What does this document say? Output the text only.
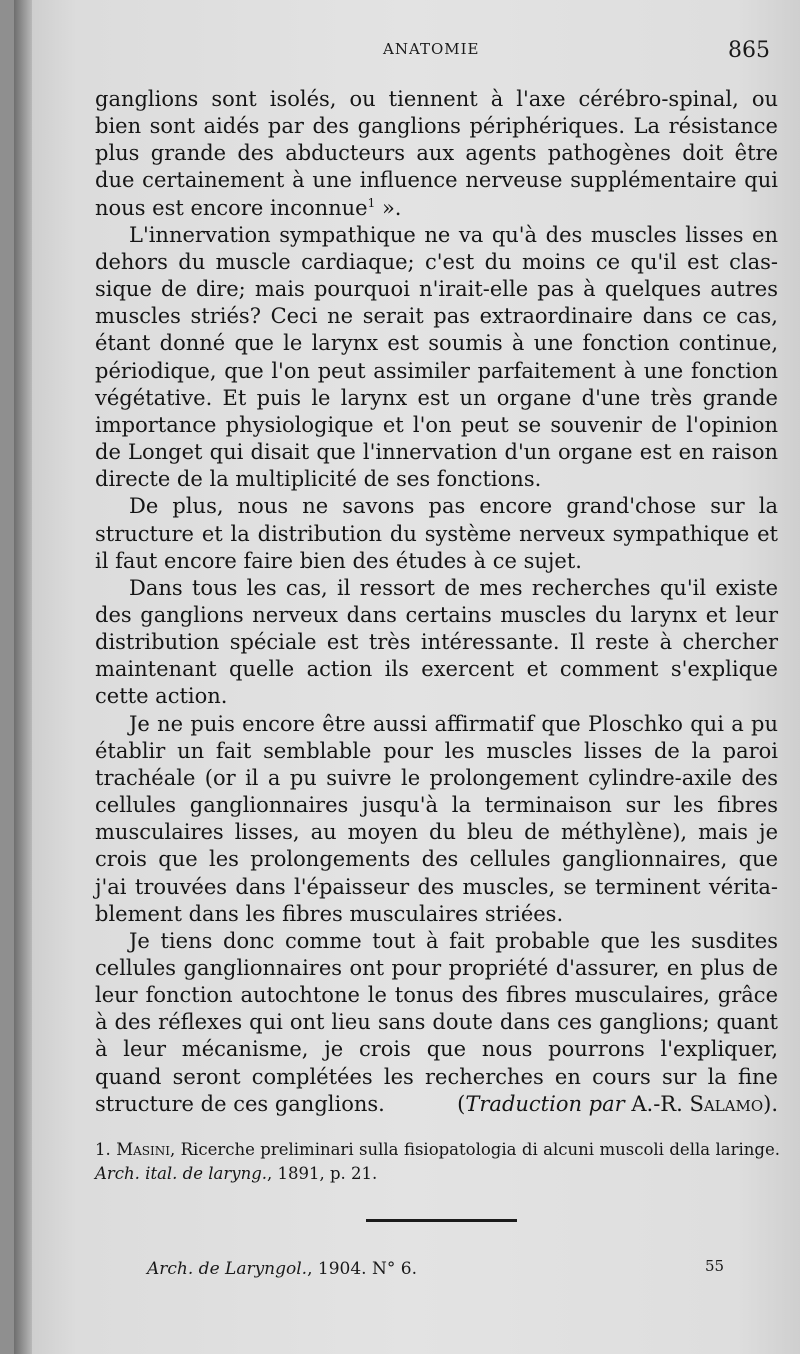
ANATOMIE	865

ganglions sont isolés, ou tiennent à l'axe cérébro-spinal, ou bien sont aidés par des ganglions périphériques. La résistance plus grande des abducteurs aux agents pathogènes doit être due certainement à une influence nerveuse supplémentaire qui nous est encore inconnue$^1$ ».

L'innervation sympathique ne va qu'à des muscles lisses en dehors du muscle cardiaque; c'est du moins ce qu'il est classique de dire; mais pourquoi n'irait-elle pas à quelques autres muscles striés? Ceci ne serait pas extraordinaire dans ce cas, étant donné que le larynx est soumis à une fonction continue, périodique, que l'on peut assimiler parfaitement à une fonction végétative. Et puis le larynx est un organe d'une très grande importance physiologique et l'on peut se souvenir de l'opinion de Longet qui disait que l'innervation d'un organe est en raison directe de la multiplicité de ses fonctions.

De plus, nous ne savons pas encore grand'chose sur la structure et la distribution du système nerveux sympathique et il faut encore faire bien des études à ce sujet.

Dans tous les cas, il ressort de mes recherches qu'il existe des ganglions nerveux dans certains muscles du larynx et leur distribution spéciale est très intéressante. Il reste à chercher maintenant quelle action ils exercent et comment s'explique cette action.

Je ne puis encore être aussi affirmatif que Ploschko qui a pu établir un fait semblable pour les muscles lisses de la paroi trachéale (or il a pu suivre le prolongement cylindre-axile des cellules ganglionnaires jusqu'à la terminaison sur les fibres musculaires lisses, au moyen du bleu de méthylène), mais je crois que les prolongements des cellules ganglionnaires, que j'ai trouvées dans l'épaisseur des muscles, se terminent véritablement dans les fibres musculaires striées.

Je tiens donc comme tout à fait probable que les susdites cellules ganglionnaires ont pour propriété d'assurer, en plus de leur fonction autochtone le tonus des fibres musculaires, grâce à des réflexes qui ont lieu sans doute dans ces ganglions; quant à leur mécanisme, je crois que nous pourrons l'expliquer, quand seront complétées les recherches en cours sur la fine structure de ces ganglions.	(Traduction par A.-R. Salamo).

1. Masini, Ricerche preliminari sulla fisiopatologia di alcuni muscoli della laringe. Arch. ital. de laryng., 1891, p. 21.
Arch. de Laryngol., 1904. N° 6.	55
